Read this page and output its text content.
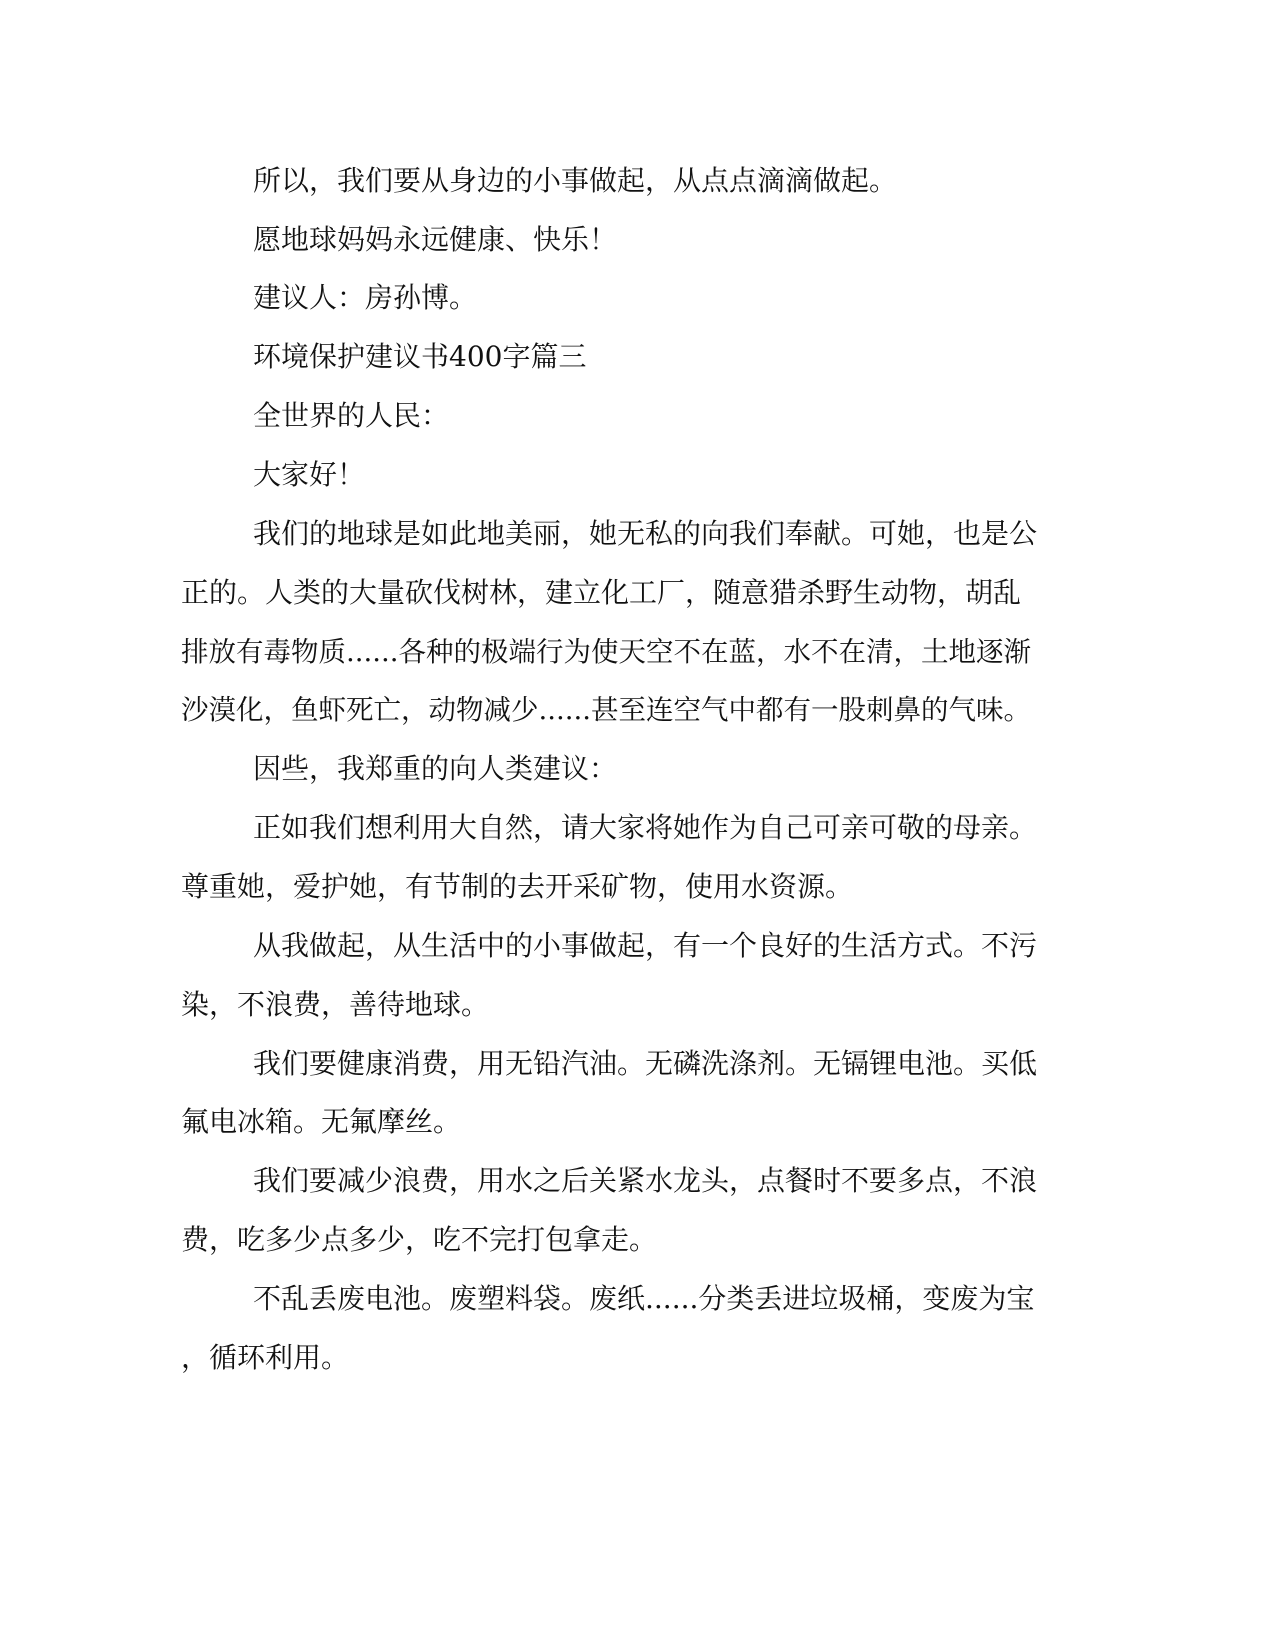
所以，我们要从身边的小事做起，从点点滴滴做起。

愿地球妈妈永远健康、快乐！

建议人：房孙博。

环境保护建议书400字篇三

全世界的人民：

大家好！

我们的地球是如此地美丽，她无私的向我们奉献。可她，也是公

正的。人类的大量砍伐树林，建立化工厂，随意猎杀野生动物，胡乱

排放有毒物质......各种的极端行为使天空不在蓝，水不在清，土地逐渐

沙漠化，鱼虾死亡，动物减少......甚至连空气中都有一股刺鼻的气味。

因些，我郑重的向人类建议：

正如我们想利用大自然，请大家将她作为自己可亲可敬的母亲。

尊重她，爱护她，有节制的去开采矿物，使用水资源。

从我做起，从生活中的小事做起，有一个良好的生活方式。不污

染，不浪费，善待地球。

我们要健康消费，用无铅汽油。无磷洗涤剂。无镉锂电池。买低

氟电冰箱。无氟摩丝。

我们要减少浪费，用水之后关紧水龙头，点餐时不要多点，不浪

费，吃多少点多少，吃不完打包拿走。

不乱丢废电池。废塑料袋。废纸......分类丢进垃圾桶，变废为宝

，循环利用。
